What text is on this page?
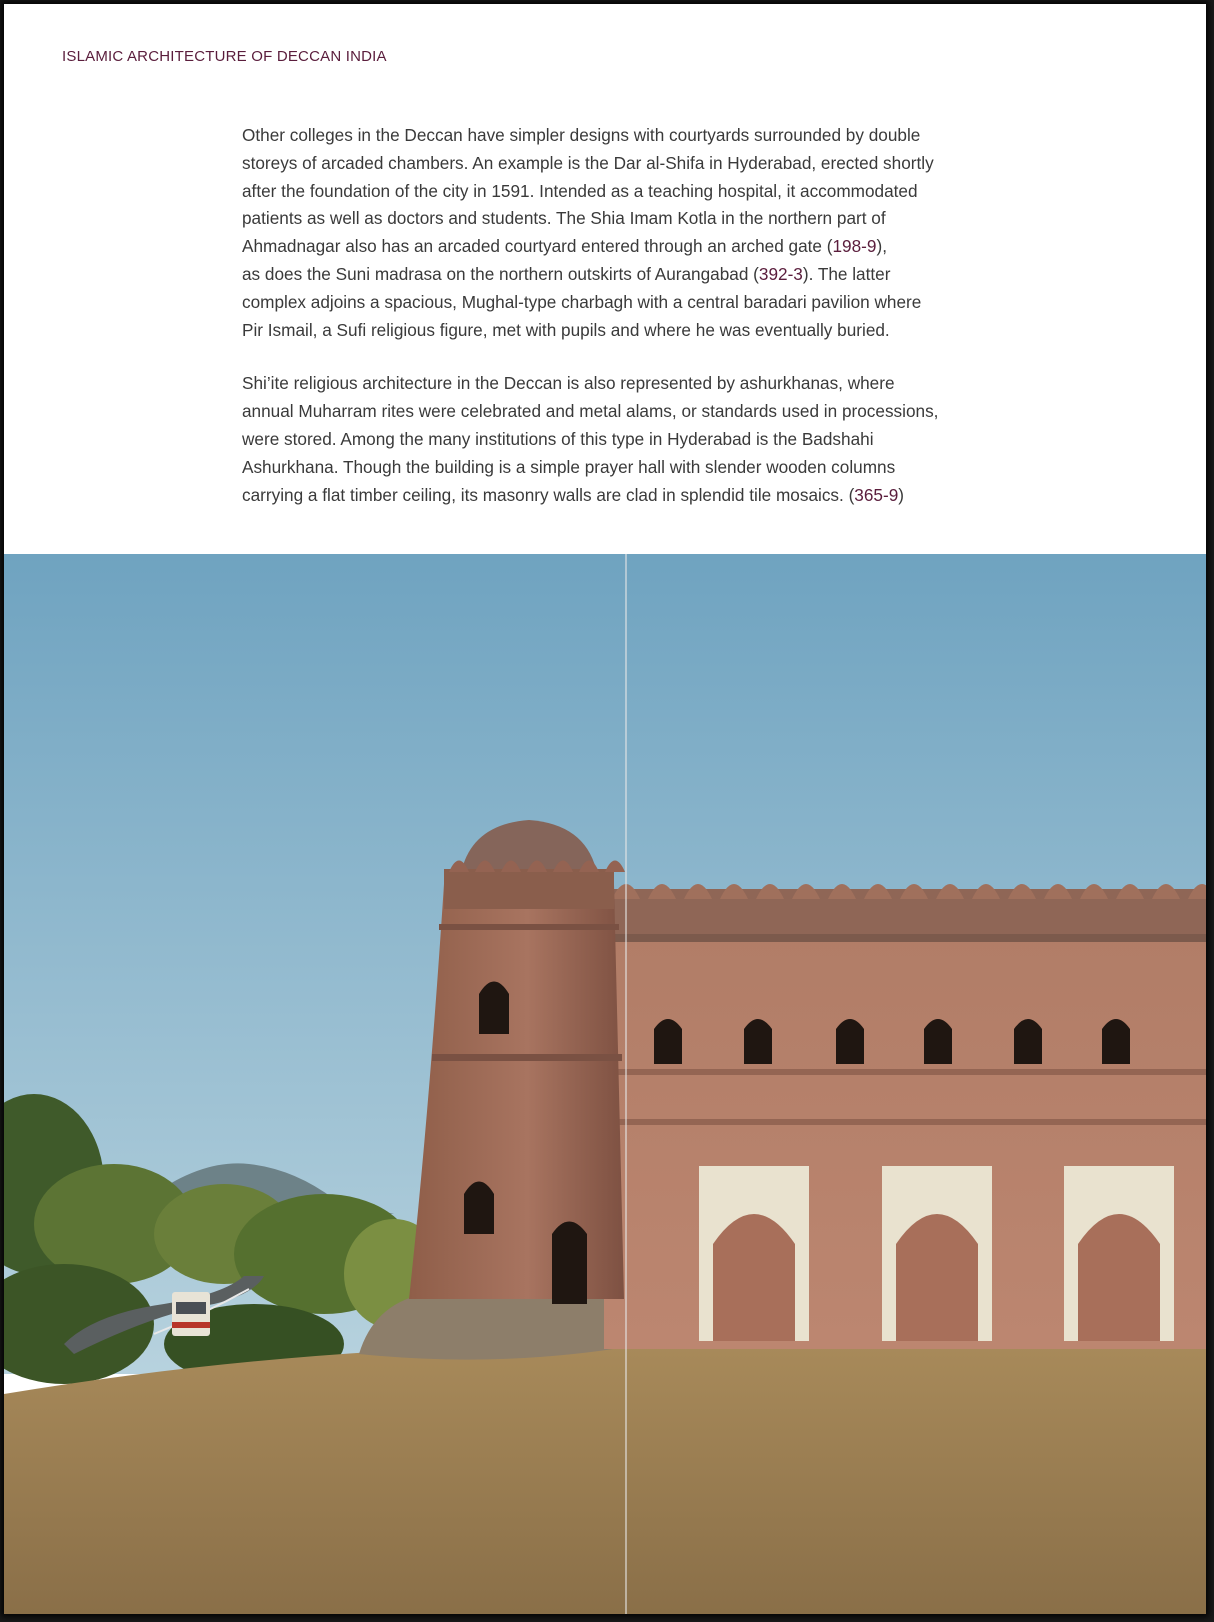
ISLAMIC ARCHITECTURE OF DECCAN INDIA

Other colleges in the Deccan have simpler designs with courtyards surrounded by double
storeys of arcaded chambers. An example is the Dar al-Shifa in Hyderabad, erected shortly
after the foundation of the city in 1591. Intended as a teaching hospital, it accommodated
patients as well as doctors and students. The Shia Imam Kotla in the northern part of
Ahmadnagar also has an arcaded courtyard entered through an arched gate (198-9),
as does the Suni madrasa on the northern outskirts of Aurangabad (392-3). The latter
complex adjoins a spacious, Mughal-type charbagh with a central baradari pavilion where
Pir Ismail, a Sufi religious figure, met with pupils and where he was eventually buried.

Shi’ite religious architecture in the Deccan is also represented by ashurkhanas, where
annual Muharram rites were celebrated and metal alams, or standards used in processions,
were stored. Among the many institutions of this type in Hyderabad is the Badshahi
Ashurkhana. Though the building is a simple prayer hall with slender wooden columns
carrying a flat timber ceiling, its masonry walls are clad in splendid tile mosaics. (365-9)
